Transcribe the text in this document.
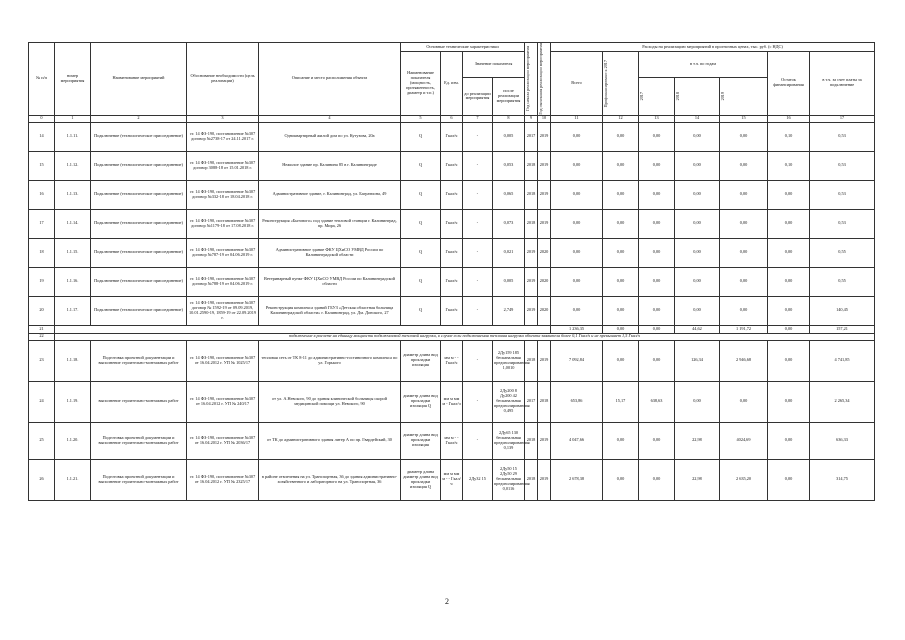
№ п/п	номер мероприятия	Наименование мероприятий	Обоснование необходимости (цель реализации)	Описание и место расположения объекта	Основные технические характеристики				Год начала реализации мероприятия	Год окончания реализации мероприятия	Расходы на реализацию мероприятий в прогнозных ценах, тыс. руб. (с НДС)						
					Наименование показателя (мощность, протяженность, диаметр и т.п.)	Ед. изм.	Значение показателя				Всего	Профинансировано к 2017	в т.ч. по годам			Остаток финансирования	в т.ч. за счет платы за подключение
							до реализации мероприятия	после реализации мероприятия					2017	2018	2019		

0	1	2	3	4	5	6	7	8	9	10	11	12	13	14	15	16	17
14	1.1.11.	Подключение (технологическое присоединение)	ст. 14 ФЗ-190, постановление №307 договор №2738-17 от 24.11.2017 г.	Одноквартирный жилой дом по ул. Кутузова, 20а	Q	Гкал/ч	-	0,005	2017	2019	0,00	0,00	0,00	0,00	0,00	0,10	0,53
15	1.1.12.	Подключение (технологическое присоединение)	ст. 14 ФЗ-190, постановление №307 договор 3088-18 от 15.01.2018 г.	Нежилое здание пр. Калинина 85 в г. Калининграде	Q	Гкал/ч	-	0,053	2018	2019	0,00	0,00	0,00	0,00	0,00	0,10	0,53
16	1.1.13.	Подключение (технологическое присоединение)	ст. 14 ФЗ-190, постановление №307 договор №332-18 от 18.04.2018 г.	Административное здание, г. Калининград, ул. Багратиона, 49	Q	Гкал/ч	-	0,065	2018	2019	0,00	0,00	0,00	0,00	0,00	0,00	0,53
17	1.1.14.	Подключение (технологическое присоединение)	ст. 14 ФЗ-190, постановление №307 договор №1179-18 от 17.08.2018 г.	Реконструкция «Бытового» под здание тепловой станции г. Калининград, пр. Мира, 26	Q	Гкал/ч	-	0,073	2018	2019	0,00	0,00	0,00	0,00	0,00	0,00	0,53
18	1.1.15.	Подключение (технологическое присоединение)	ст. 14 ФЗ-190, постановление №307 договор №787-19 от 04.06.2019 г.	Административное здание ФКУ ЦХиСО УМВД России по Калининградской области	Q	Гкал/ч	-	0,021	2019	2020	0,00	0,00	0,00	0,00	0,00	0,00	0,55
19	1.1.16.	Подключение (технологическое присоединение)	ст. 14 ФЗ-190, постановление №307 договор №788-19 от 04.06.2019 г.	Ветеринарный пункт ФКУ ЦХиСО УМВД России по Калининградской области	Q	Гкал/ч	-	0,005	2019	2020	0,00	0,00	0,00	0,00	0,00	0,00	0,55
20	1.1.17.	Подключение (технологическое присоединение)	ст. 14 ФЗ-190, постановление №307 договор № 1592-19 от 09.09.2019, 10.01.2590-19, 1859-19 от 22.09.2019 г.	Реконструкция комплекса зданий ГБУЗ «Детская областная больница Калининградской области» г. Калининград, ул. Дм. Донского, 27	Q	Гкал/ч	-	2,749	2019	2020	0,00	0,00	0,00	0,00	0,00	0,00	140,45
21											1 236,35	0,00	0,00	44,62	1 191,72	0,00	157,21
22	подключение в расчете на единицу мощности подключаемой тепловой нагрузки, в случае если подключаемая тепловая нагрузка объекта заявителя более 0,1 Гкал/ч и не превышает 1,5 Гкал/ч																
23	1.1.18.	Подготовка проектной документации и выполнение строительно-монтажных работ	ст. 14 ФЗ-190, постановление №307 от 16.04.2012 г. УП № 1025/17	тепловая сеть от ТК 8-11 до административно-гостиничного комплекса по ул. Горького	диаметр длина вид прокладки изоляция	мм м - - Гкал/ч	-	2Ду159 185 бесканальная предизолированная 1,0010	2018	2019	7 092,84	0,00	0,00	126,34	2 946,68	0,00	4 741,85
24	1.1.19.	выполнение строительно-монтажных работ	ст. 14 ФЗ-190, постановление №307 от 16.04.2012 г. УП № 240/17	от ул. А.Невского, 90 до здания клинической больницы скорой медицинской помощи ул. Невского, 90	диаметр длина вид прокладки изоляция Q	мм м мм м - Гкал/ч	-	2Ду200 8 Ду200 42 бесканальная предизолированная 0,495	2017	2018	653,86	15,17	638,63	0,00	0,00	0,00	2 265,34
25	1.1.20.	Подготовка проектной документации и выполнение строительно-монтажных работ	ст. 14 ФЗ-190, постановление №307 от 16.04.2012 г. УП № 2036/17	от ТК до административного здания литер А по пр. Гвардейский, 30	диаметр длина вид прокладки изоляция	мм м - - Гкал/ч	-	2Ду65 130 бесканальная предизолированная 0,139	2018	2019	4 047,66	0,00	0,00	22,98	4024,69	0,00	636,33
26	1.1.21.	Подготовка проектной документации и выполнение строительно-монтажных работ	ст. 14 ФЗ-190, постановление №307 от 16.04.2012 г. УП № 2325/17	в районе отвлечения на ул. Транспортная, 36 до здания административно-хозяйственного и лабораторного на ул. Транспортная, 36	диаметр длина диаметр длина вид прокладки изоляция Q	мм м мм м - - Гкал/ч	2Ду32 15	2Ду50 15 2Ду50 29 бесканальная предизолированная 0,0116	2018	2019	2 678,38	0,00	0,00	22,98	2 635,20	0,00	314,75
2
